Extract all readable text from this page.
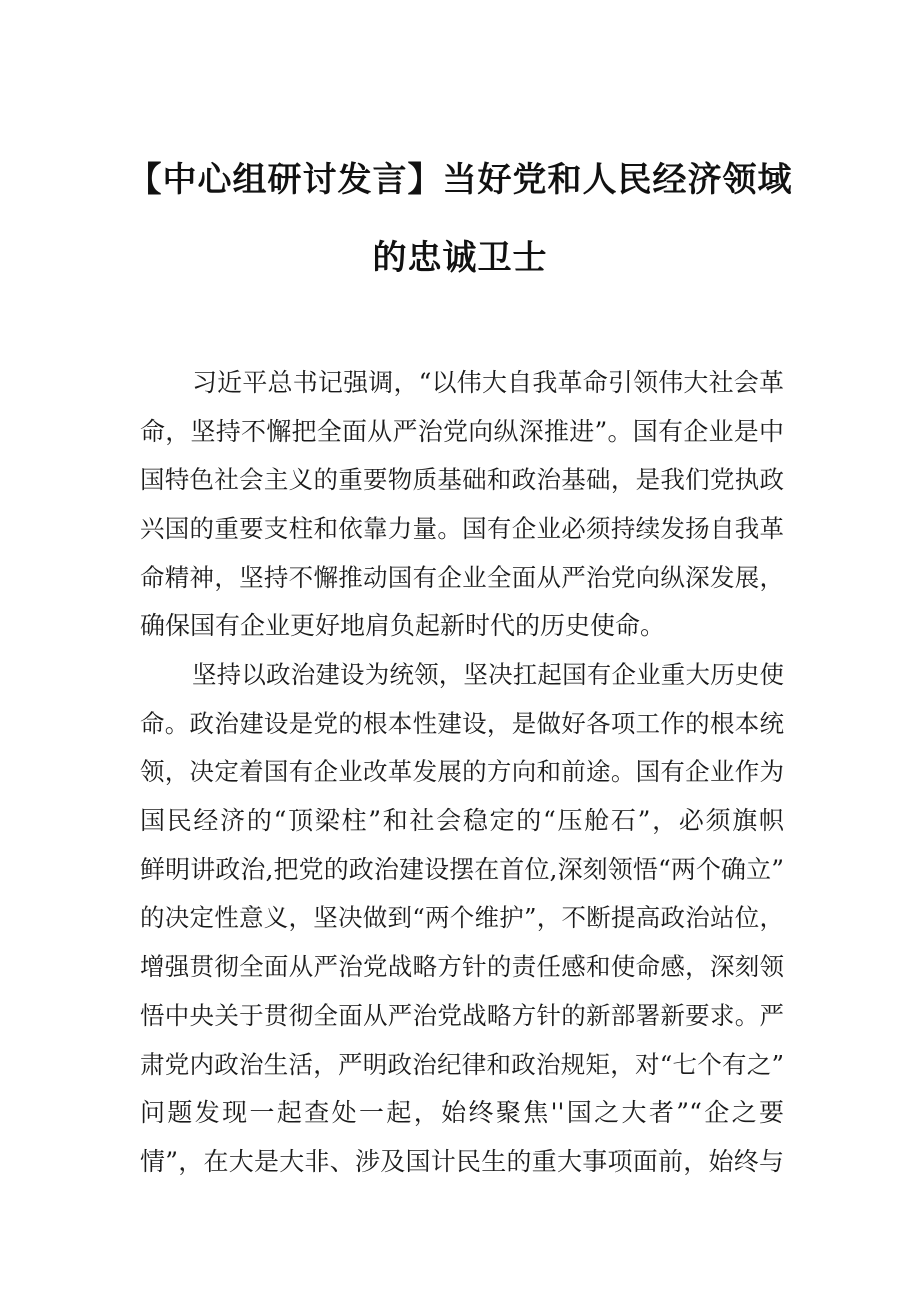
【中心组研讨发言】当好党和人民经济领域
的忠诚卫士
习近平总书记强调，“以伟大自我革命引领伟大社会革
命，坚持不懈把全面从严治党向纵深推进”。国有企业是中
国特色社会主义的重要物质基础和政治基础，是我们党执政
兴国的重要支柱和依靠力量。国有企业必须持续发扬自我革
命精神，坚持不懈推动国有企业全面从严治党向纵深发展，
确保国有企业更好地肩负起新时代的历史使命。
坚持以政治建设为统领，坚决扛起国有企业重大历史使
命。政治建设是党的根本性建设，是做好各项工作的根本统
领，决定着国有企业改革发展的方向和前途。国有企业作为
国民经济的“顶梁柱”和社会稳定的“压舱石”，必须旗帜
鲜明讲政治,把党的政治建设摆在首位,深刻领悟“两个确立”
的决定性意义，坚决做到“两个维护”，不断提高政治站位，
增强贯彻全面从严治党战略方针的责任感和使命感，深刻领
悟中央关于贯彻全面从严治党战略方针的新部署新要求。严
肃党内政治生活，严明政治纪律和政治规矩，对“七个有之”
问题发现一起查处一起，始终聚焦''国之大者”“企之要
情”，在大是大非、涉及国计民生的重大事项面前，始终与
